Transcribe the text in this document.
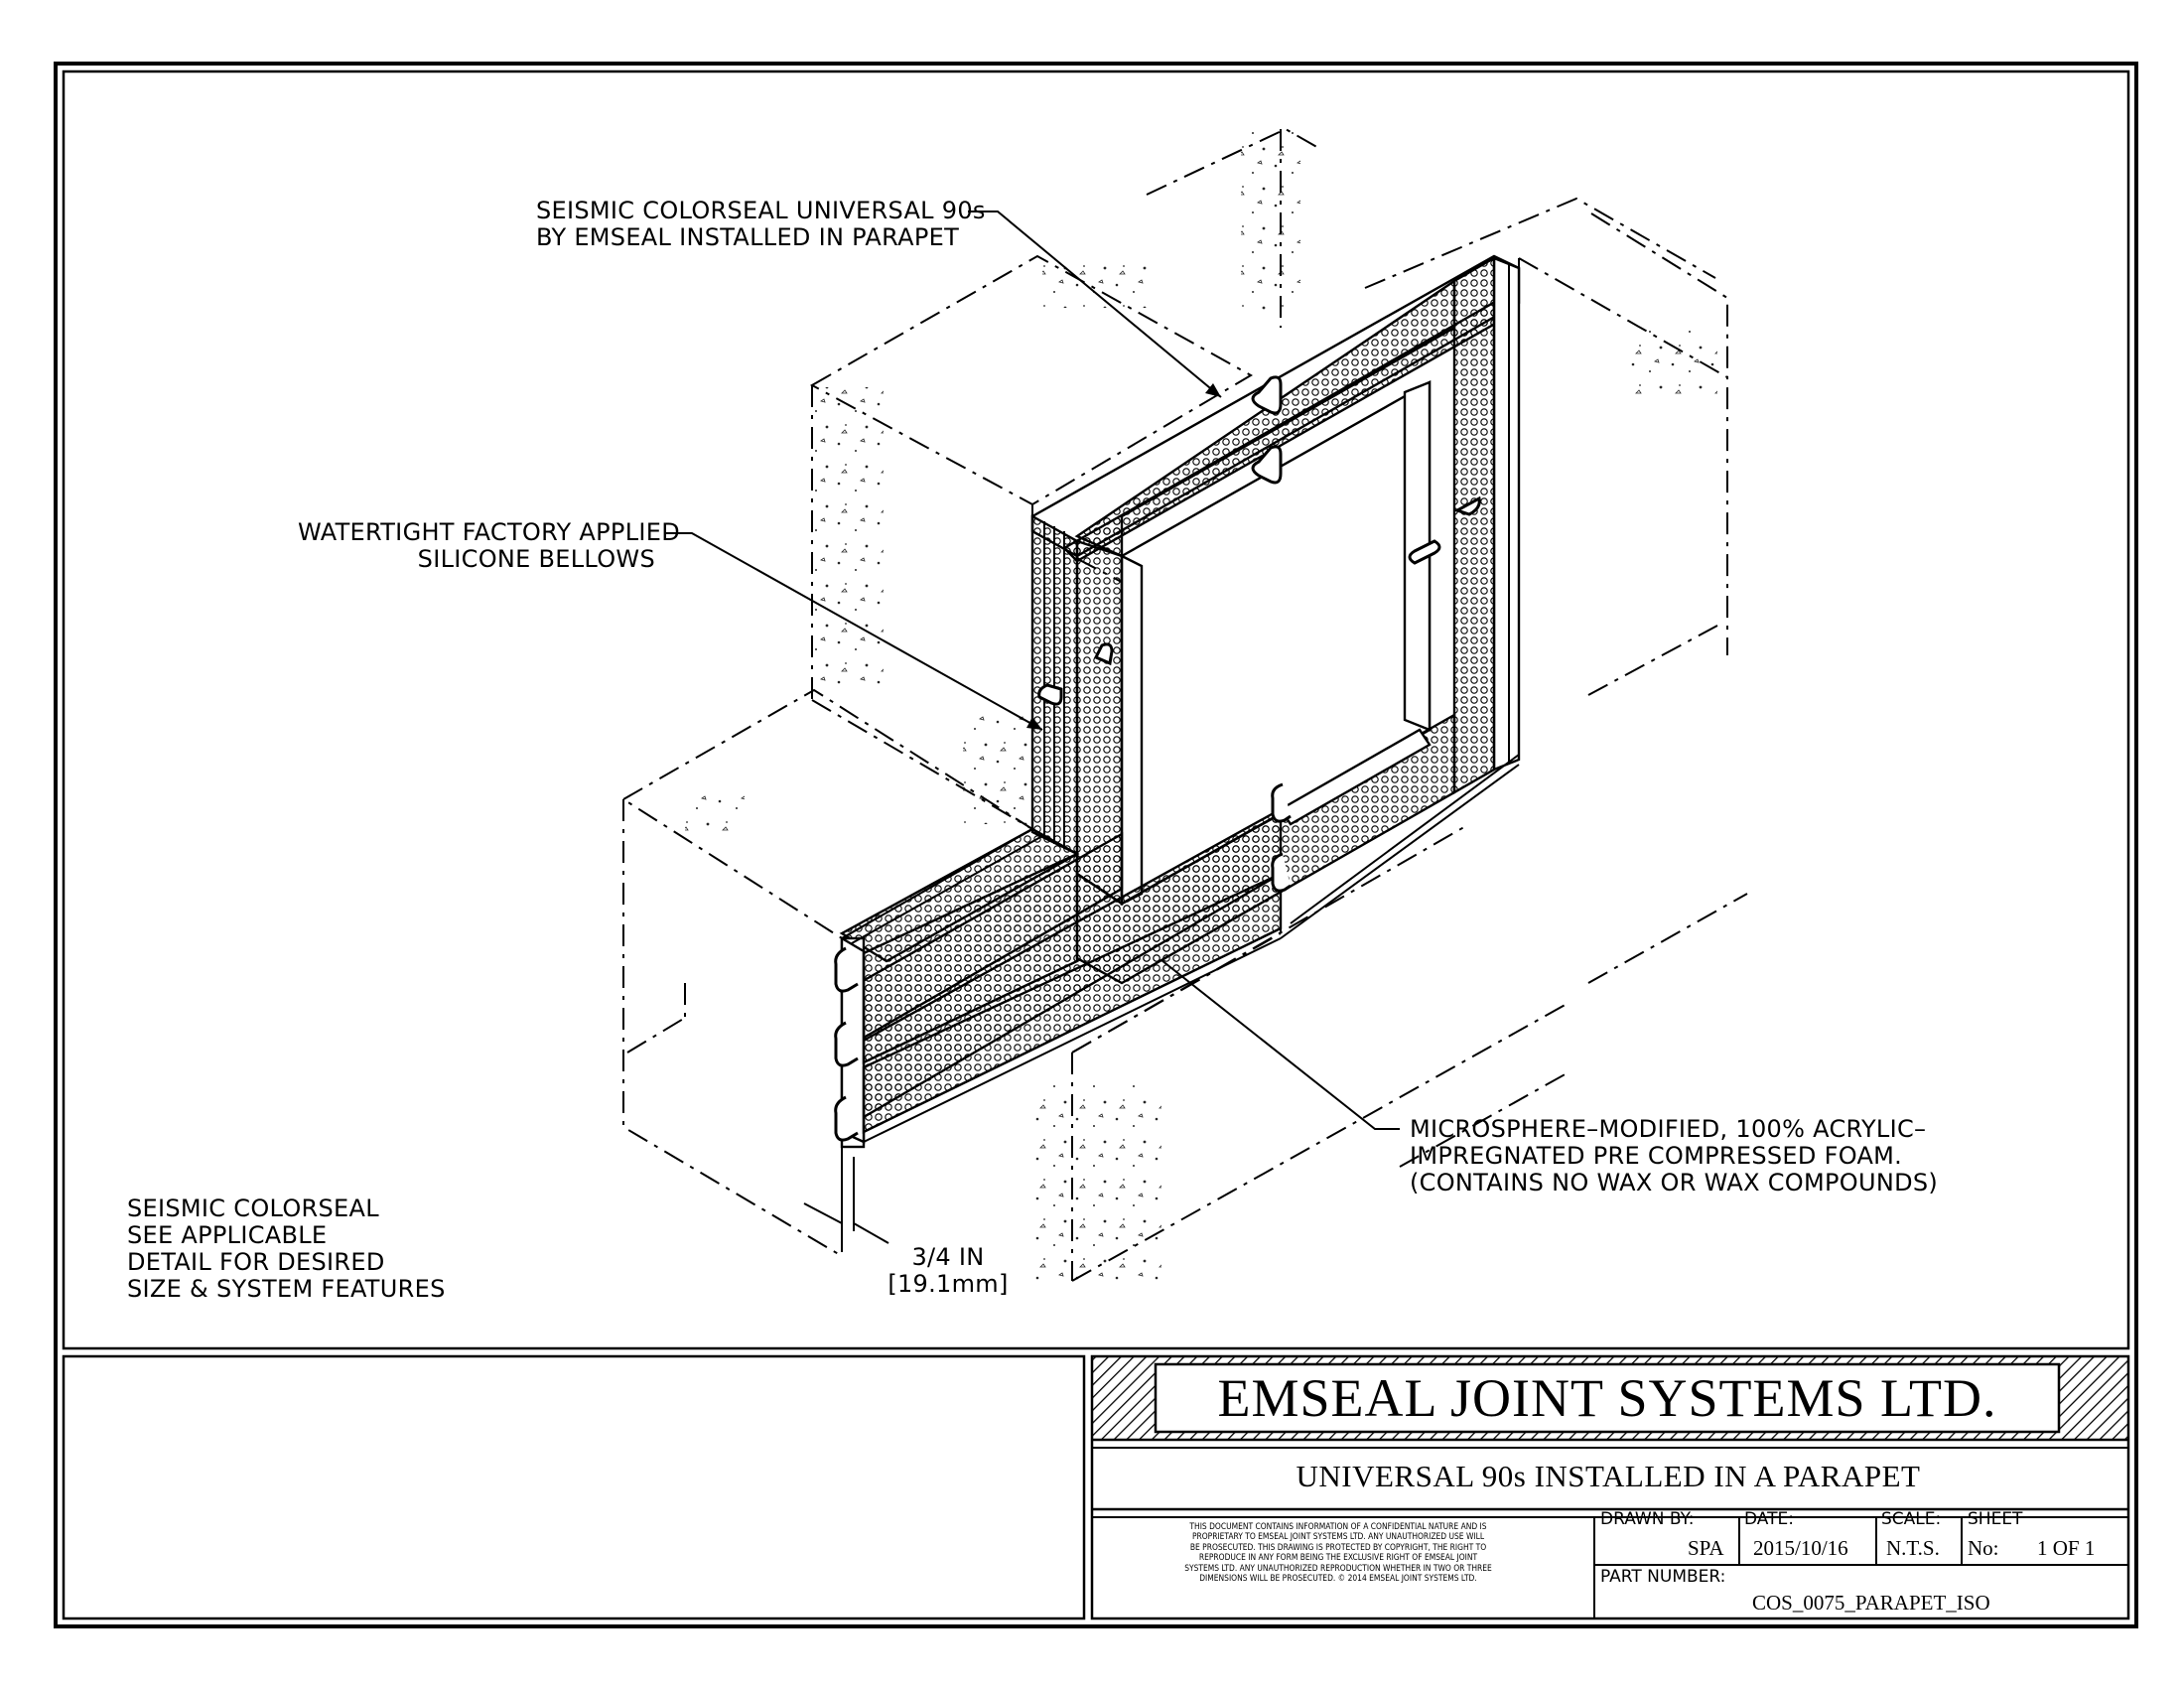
SEISMIC COLORSEAL UNIVERSAL 90s
BY EMSEAL INSTALLED IN PARAPET
WATERTIGHT FACTORY APPLIED
SILICONE BELLOWS
MICROSPHERE–MODIFIED, 100% ACRYLIC–
IMPREGNATED PRE COMPRESSED FOAM.
(CONTAINS NO WAX OR WAX COMPOUNDS)
3/4 IN
[19.1mm]
SEISMIC COLORSEAL
SEE APPLICABLE
DETAIL FOR DESIRED
SIZE & SYSTEM FEATURES
EMSEAL JOINT SYSTEMS LTD.
UNIVERSAL 90s INSTALLED IN A PARAPET
THIS DOCUMENT CONTAINS INFORMATION OF A CONFIDENTIAL NATURE AND IS
PROPRIETARY TO EMSEAL JOINT SYSTEMS LTD. ANY UNAUTHORIZED USE WILL
BE PROSECUTED. THIS DRAWING IS PROTECTED BY COPYRIGHT, THE RIGHT TO
REPRODUCE IN ANY FORM BEING THE EXCLUSIVE RIGHT OF EMSEAL JOINT
SYSTEMS LTD. ANY UNAUTHORIZED REPRODUCTION WHETHER IN TWO OR THREE
DIMENSIONS WILL BE PROSECUTED. © 2014 EMSEAL JOINT SYSTEMS LTD.
DRAWN BY:
SPA
DATE:
2015/10/16
SCALE:
N.T.S.
SHEET
No: 1 OF 1
PART NUMBER:
COS_0075_PARAPET_ISO
